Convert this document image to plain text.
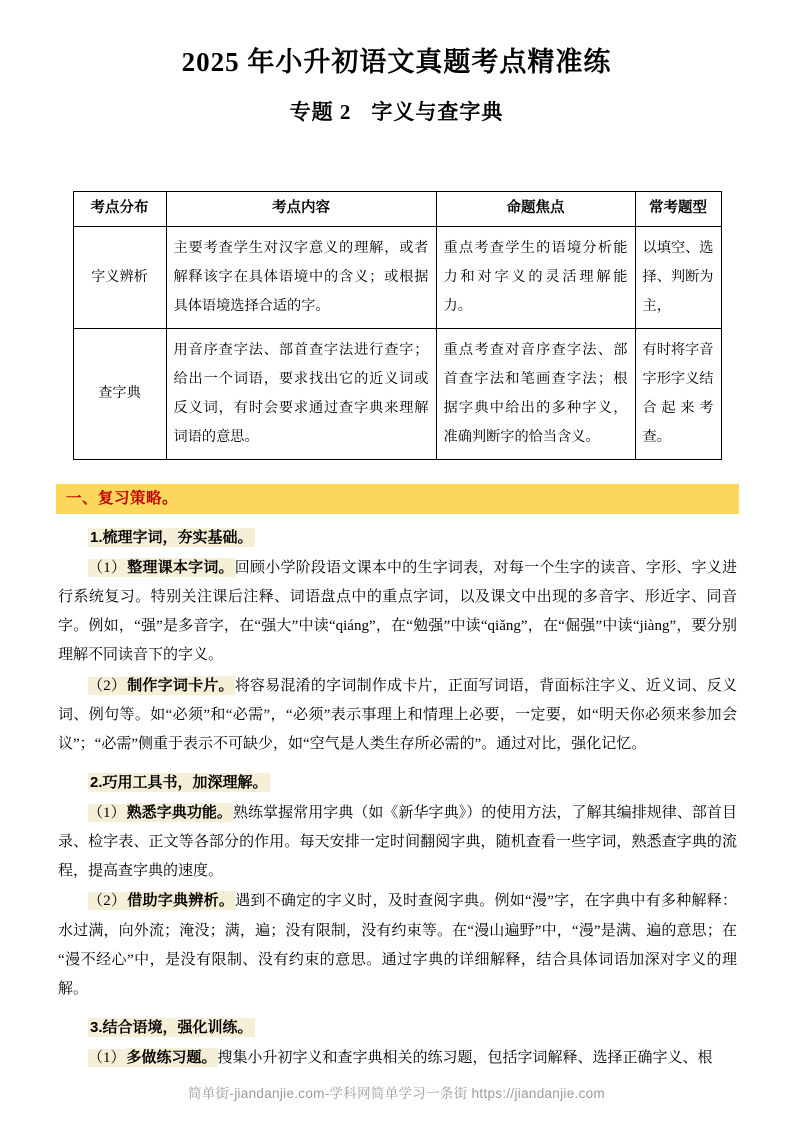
2025 年小升初语文真题考点精准练
专题 2 字义与查字典
考点分布	考点内容	命题焦点	常考题型
字义辨析	主要考查学生对汉字意义的理解，或者解释该字在具体语境中的含义；或根据具体语境选择合适的字。	重点考查学生的语境分析能力和对字义的灵活理解能力。	以填空、选择、判断为主，
查字典	用音序查字法、部首查字法进行查字；给出一个词语，要求找出它的近义词或反义词，有时会要求通过查字典来理解词语的意思。	重点考查对音序查字法、部首查字法和笔画查字法；根据字典中给出的多种字义，准确判断字的恰当含义。	有时将字音字形字义结合起来考查。
一、复习策略。
1.梳理字词，夯实基础。

（1）整理课本字词。回顾小学阶段语文课本中的生字词表，对每一个生字的读音、字形、字义进行系统复习。特别关注课后注释、词语盘点中的重点字词，以及课文中出现的多音字、形近字、同音字。例如，“强”是多音字，在“强大”中读“qiáng”，在“勉强”中读“qiǎng”，在“倔强”中读“jiàng”，要分别理解不同读音下的字义。

（2）制作字词卡片。将容易混淆的字词制作成卡片，正面写词语，背面标注字义、近义词、反义词、例句等。如“必须”和“必需”，“必须”表示事理上和情理上必要，一定要，如“明天你必须来参加会议”；“必需”侧重于表示不可缺少，如“空气是人类生存所必需的”。通过对比，强化记忆。

2.巧用工具书，加深理解。

（1）熟悉字典功能。熟练掌握常用字典（如《新华字典》）的使用方法，了解其编排规律、部首目录、检字表、正文等各部分的作用。每天安排一定时间翻阅字典，随机查看一些字词，熟悉查字典的流程，提高查字典的速度。

（2）借助字典辨析。遇到不确定的字义时，及时查阅字典。例如“漫”字，在字典中有多种解释：水过满，向外流；淹没；满，遍；没有限制，没有约束等。在“漫山遍野”中，“漫”是满、遍的意思；在“漫不经心”中，是没有限制、没有约束的意思。通过字典的详细解释，结合具体词语加深对字义的理解。

3.结合语境，强化训练。

（1）多做练习题。搜集小升初字义和查字典相关的练习题，包括字词解释、选择正确字义、根

简单街-jiandanjie.com-学科网简单学习一条街 https://jiandanjie.com
